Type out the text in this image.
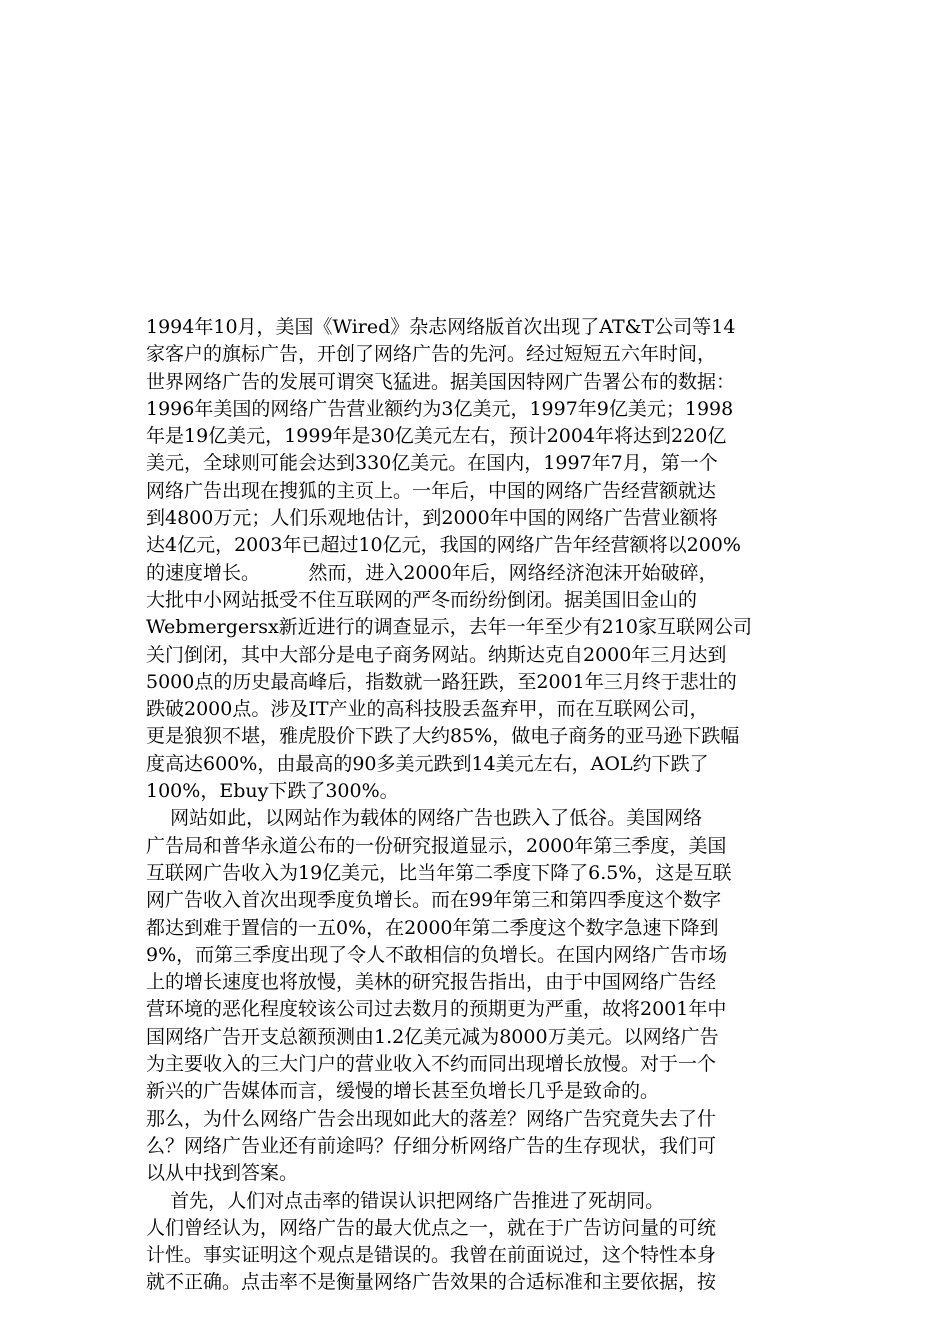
1994年10月，美国《Wired》杂志网络版首次出现了AT&T公司等14
家客户的旗标广告，开创了网络广告的先河。经过短短五六年时间，
世界网络广告的发展可谓突飞猛进。据美国因特网广告署公布的数据：
1996年美国的网络广告营业额约为3亿美元，1997年9亿美元；1998
年是19亿美元，1999年是30亿美元左右，预计2004年将达到220亿
美元，全球则可能会达到330亿美元。在国内，1997年7月，第一个
网络广告出现在搜狐的主页上。一年后，中国的网络广告经营额就达
到4800万元；人们乐观地估计，到2000年中国的网络广告营业额将
达4亿元，2003年已超过10亿元，我国的网络广告年经营额将以200%
的速度增长。        然而，进入2000年后，网络经济泡沫开始破碎，
大批中小网站抵受不住互联网的严冬而纷纷倒闭。据美国旧金山的
Webmergersx新近进行的调查显示，去年一年至少有210家互联网公司
关门倒闭，其中大部分是电子商务网站。纳斯达克自2000年三月达到
5000点的历史最高峰后，指数就一路狂跌，至2001年三月终于悲壮的
跌破2000点。涉及IT产业的高科技股丢盔弃甲，而在互联网公司，
更是狼狈不堪，雅虎股价下跌了大约85%，做电子商务的亚马逊下跌幅
度高达600%，由最高的90多美元跌到14美元左右，AOL约下跌了
100%，Ebuy下跌了300%。
网站如此，以网站作为载体的网络广告也跌入了低谷。美国网络
广告局和普华永道公布的一份研究报道显示，2000年第三季度，美国
互联网广告收入为19亿美元，比当年第二季度下降了6.5%，这是互联
网广告收入首次出现季度负增长。而在99年第三和第四季度这个数字
都达到难于置信的一五0%，在2000年第二季度这个数字急速下降到
9%，而第三季度出现了令人不敢相信的负增长。在国内网络广告市场
上的增长速度也将放慢，美林的研究报告指出，由于中国网络广告经
营环境的恶化程度较该公司过去数月的预期更为严重，故将2001年中
国网络广告开支总额预测由1.2亿美元减为8000万美元。以网络广告
为主要收入的三大门户的营业收入不约而同出现增长放慢。对于一个
新兴的广告媒体而言，缓慢的增长甚至负增长几乎是致命的。
那么，为什么网络广告会出现如此大的落差？网络广告究竟失去了什
么？网络广告业还有前途吗？仔细分析网络广告的生存现状，我们可
以从中找到答案。
首先，人们对点击率的错误认识把网络广告推进了死胡同。
人们曾经认为，网络广告的最大优点之一，就在于广告访问量的可统
计性。事实证明这个观点是错误的。我曾在前面说过，这个特性本身
就不正确。点击率不是衡量网络广告效果的合适标准和主要依据，按
